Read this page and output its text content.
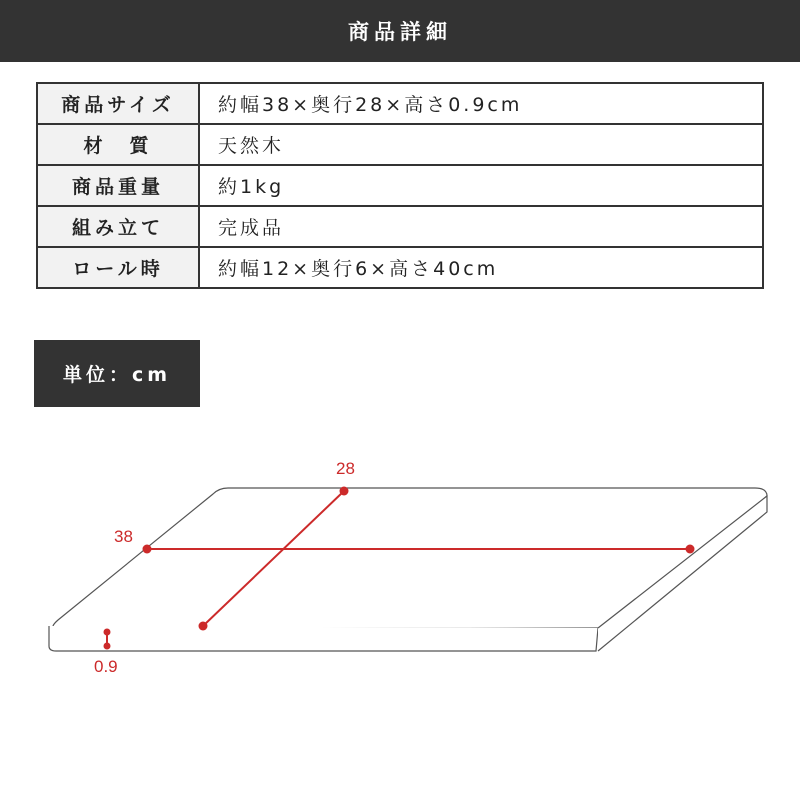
商品詳細
商品サイズ	約幅38×奥行28×高さ0.9cm
材　質	天然木
商品重量	約1kg
組み立て	完成品
ロール時	約幅12×奥行6×高さ40cm
単位：cm
38
28
0.9
